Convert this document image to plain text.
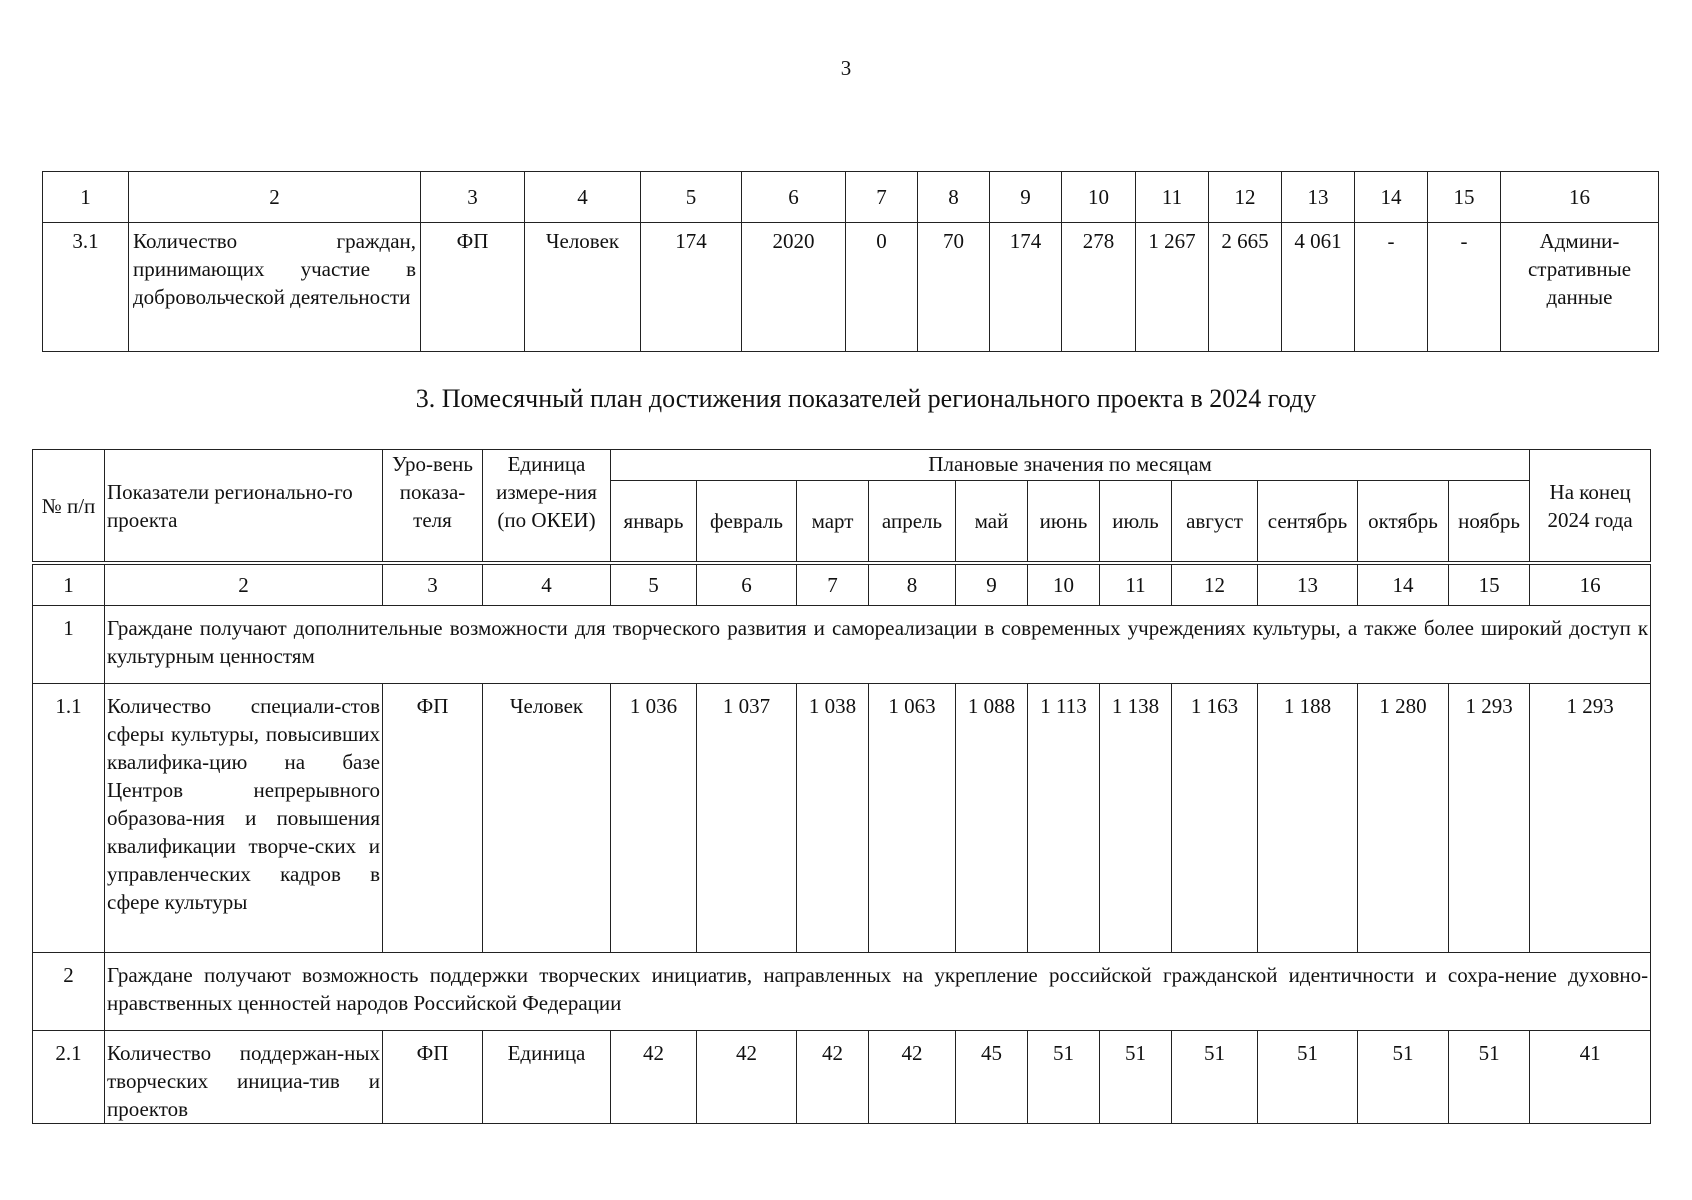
3
1	2	3	4	5	6	7	8	9	10	11	12	13	14	15	16
3.1	Количество граждан, принимающих участие в добровольческой деятельности	ФП	Человек	174	2020	0	70	174	278	1 267	2 665	4 061	-	-	Админи-стративные данные
3. Помесячный план достижения показателей регионального проекта в 2024 году
№ п/п	Показатели регионально-го проекта	Уро-вень показа-теля	Единица измере-ния (по ОКЕИ)	Плановые значения по месяцам											На конец 2024 года
				январь	февраль	март	апрель	май	июнь	июль	август	сентябрь	октябрь	ноябрь	
1	2	3	4	5	6	7	8	9	10	11	12	13	14	15	16
1	Граждане получают дополнительные возможности для творческого развития и самореализации в современных учреждениях культуры, а также более широкий доступ к культурным ценностям														
1.1	Количество специали-стов сферы культуры, повысивших квалифика-цию на базе Центров непрерывного образова-ния и повышения квалификации творче-ских и управленческих кадров в сфере культуры	ФП	Человек	1 036	1 037	1 038	1 063	1 088	1 113	1 138	1 163	1 188	1 280	1 293	1 293
2	Граждане получают возможность поддержки творческих инициатив, направленных на укрепление российской гражданской идентичности и сохра-нение духовно-нравственных ценностей народов Российской Федерации														
2.1	Количество поддержан-ных творческих инициа-тив и проектов	ФП	Единица	42	42	42	42	45	51	51	51	51	51	51	41
